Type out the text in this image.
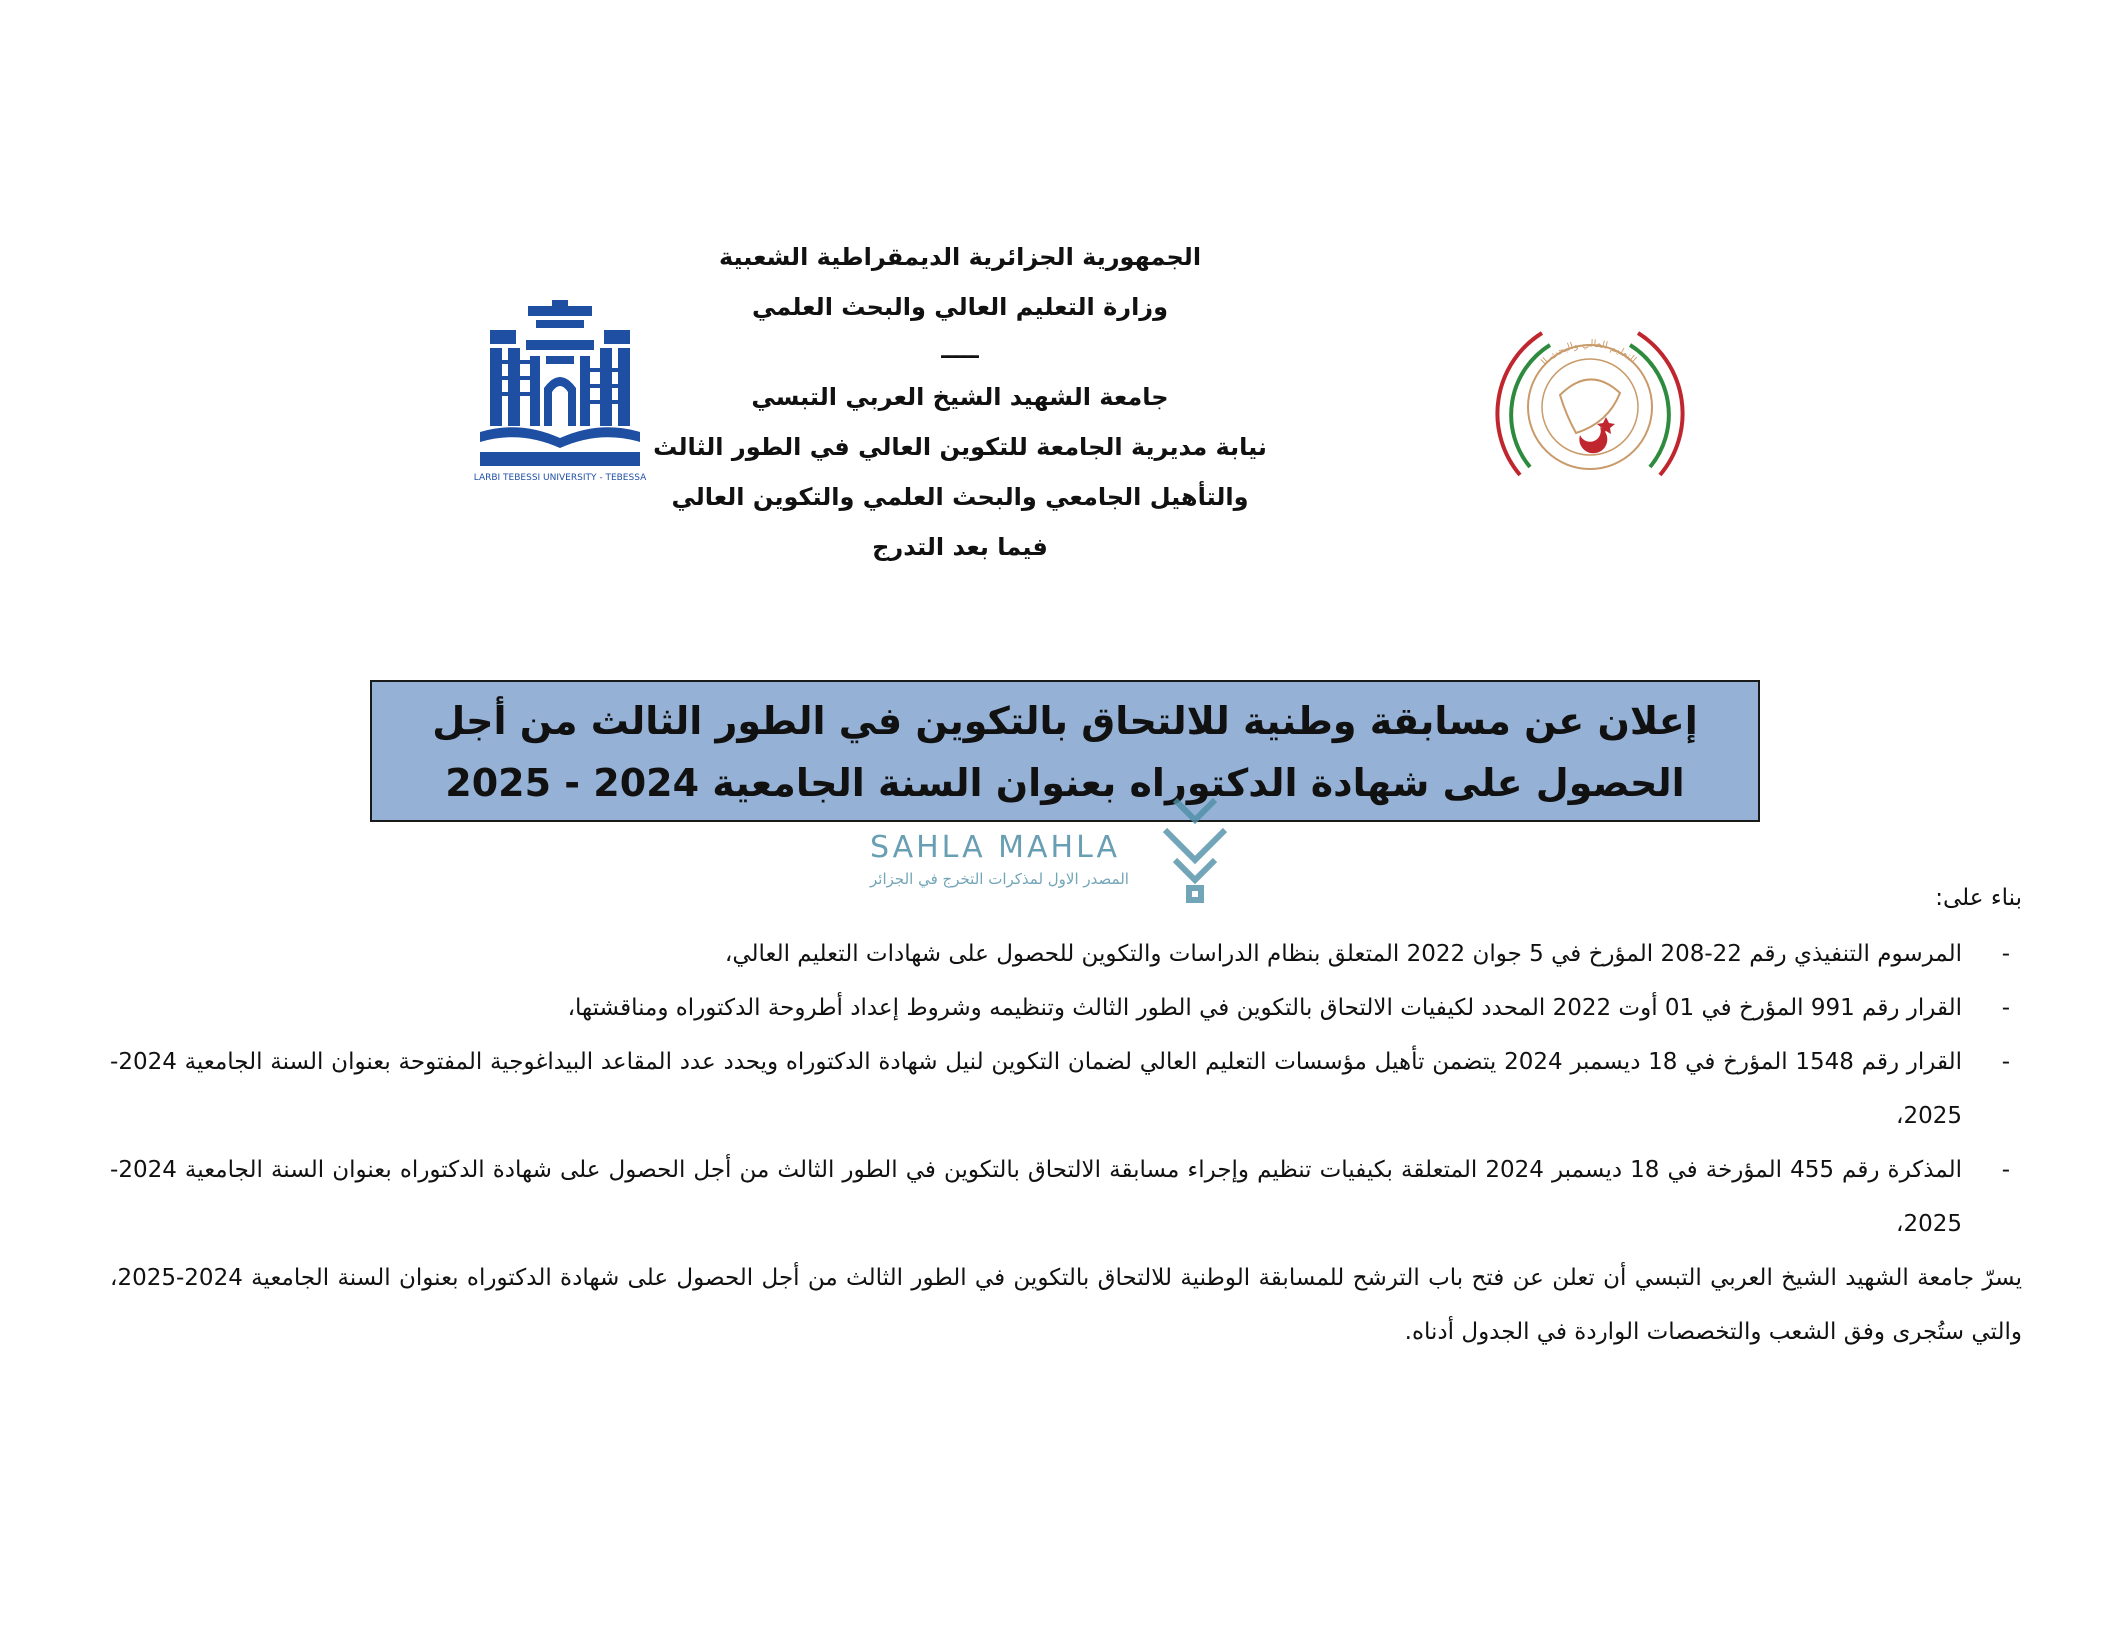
LARBI TEBESSI UNIVERSITY - TEBESSA
الجمهورية الجزائرية الديمقراطية الشعبية
وزارة التعليم العالي والبحث العلمي
ـــــ
جامعة الشهيد الشيخ العربي التبسي
نيابة مديرية الجامعة للتكوين العالي في الطور الثالث
والتأهيل الجامعي والبحث العلمي والتكوين العالي
فيما بعد التدرج
التعليم العالي والبحث ال
إعلان عن مسابقة وطنية للالتحاق بالتكوين في الطور الثالث من أجل
الحصول على شهادة الدكتوراه بعنوان السنة الجامعية 2024 - 2025
SAHLA MAHLA
المصدر الاول لمذكرات التخرج في الجزائر
بناء على:
-
المرسوم التنفيذي رقم 22-208 المؤرخ في 5 جوان 2022 المتعلق بنظام الدراسات والتكوين للحصول على شهادات التعليم العالي،
-
القرار رقم 991 المؤرخ في 01 أوت 2022 المحدد لكيفيات الالتحاق بالتكوين في الطور الثالث وتنظيمه وشروط إعداد أطروحة الدكتوراه ومناقشتها،
-
القرار رقم 1548 المؤرخ في 18 ديسمبر 2024 يتضمن تأهيل مؤسسات التعليم العالي لضمان التكوين لنيل شهادة الدكتوراه ويحدد عدد المقاعد البيداغوجية المفتوحة بعنوان السنة الجامعية 2024- 2025،
-
المذكرة رقم 455 المؤرخة في 18 ديسمبر 2024 المتعلقة بكيفيات تنظيم وإجراء مسابقة الالتحاق بالتكوين في الطور الثالث من أجل الحصول على شهادة الدكتوراه بعنوان السنة الجامعية 2024- 2025،
يسرّ جامعة الشهيد الشيخ العربي التبسي أن تعلن عن فتح باب الترشح للمسابقة الوطنية للالتحاق بالتكوين في الطور الثالث من أجل الحصول على شهادة الدكتوراه بعنوان السنة الجامعية 2024-2025، والتي ستُجرى وفق الشعب والتخصصات الواردة في الجدول أدناه.
